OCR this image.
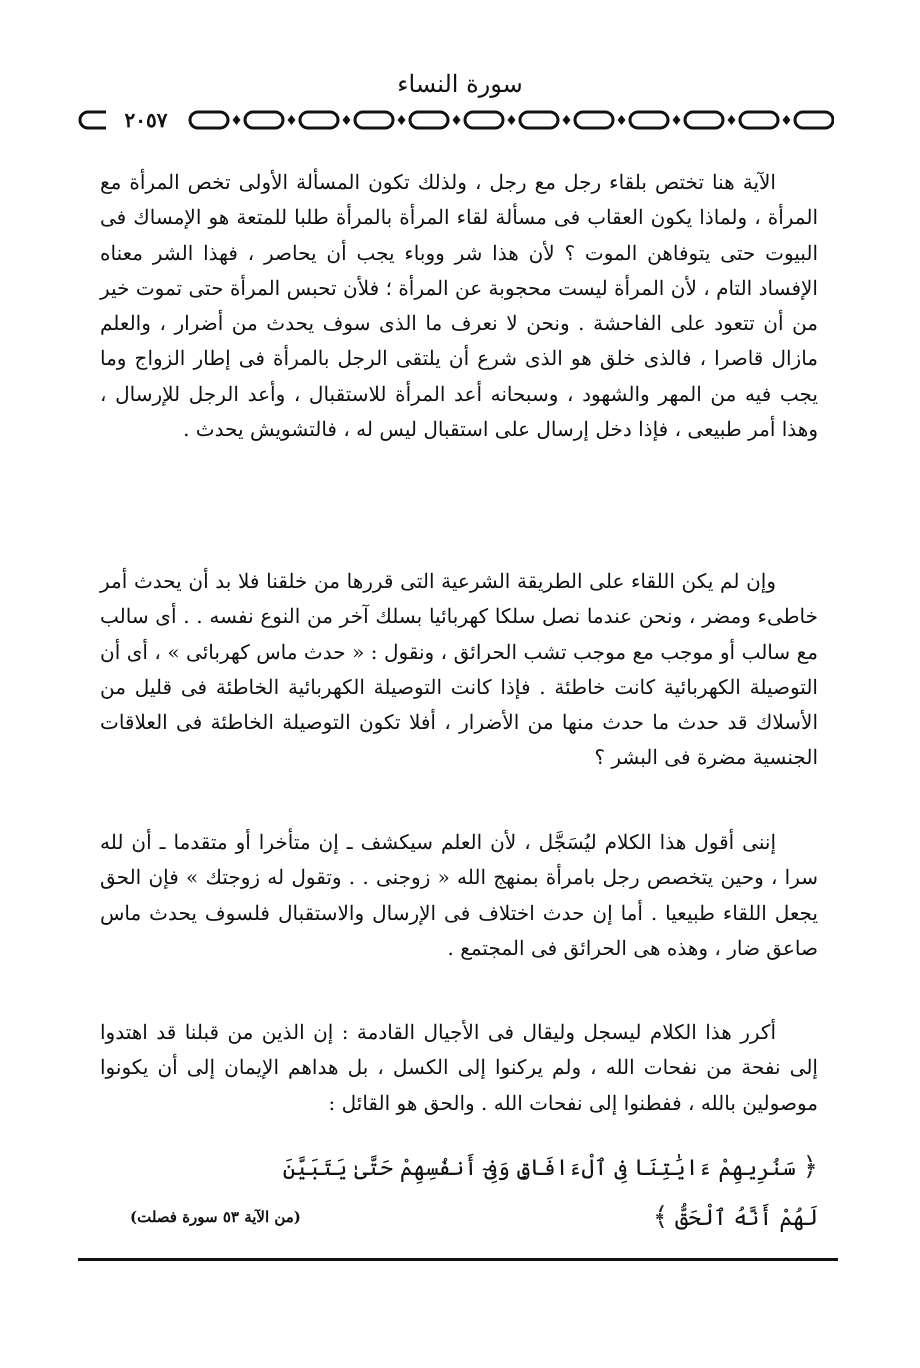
سورة النساء
٢٠٥٧

الآية هنا تختص بلقاء رجل مع رجل ، ولذلك تكون المسألة الأولى تخص المرأة مع المرأة ، ولماذا يكون العقاب فى مسألة لقاء المرأة بالمرأة طلبا للمتعة هو الإمساك فى البيوت حتى يتوفاهن الموت ؟ لأن هذا شر ووباء يجب أن يحاصر ، فهذا الشر معناه الإفساد التام ، لأن المرأة ليست محجوبة عن المرأة ؛ فلأن تحبس المرأة حتى تموت خير من أن تتعود على الفاحشة . ونحن لا نعرف ما الذى سوف يحدث من أضرار ، والعلم مازال قاصرا ، فالذى خلق هو الذى شرع أن يلتقى الرجل بالمرأة فى إطار الزواج وما يجب فيه من المهر والشهود ، وسبحانه أعد المرأة للاستقبال ، وأعد الرجل للإرسال ، وهذا أمر طبيعى ، فإذا دخل إرسال على استقبال ليس له ، فالتشويش يحدث .

وإن لم يكن اللقاء على الطريقة الشرعية التى قررها من خلقنا فلا بد أن يحدث أمر خاطىء ومضر ، ونحن عندما نصل سلكا كهربائيا بسلك آخر من النوع نفسه . . أى سالب مع سالب أو موجب مع موجب تشب الحرائق ، ونقول : « حدث ماس كهربائى » ، أى أن التوصيلة الكهربائية كانت خاطئة . فإذا كانت التوصيلة الكهربائية الخاطئة فى قليل من الأسلاك قد حدث ما حدث منها من الأضرار ، أفلا تكون التوصيلة الخاطئة فى العلاقات الجنسية مضرة فى البشر ؟

إننى أقول هذا الكلام ليُسَجَّل ، لأن العلم سيكشف ـ إن متأخرا أو متقدما ـ أن لله سرا ، وحين يتخصص رجل بامرأة بمنهج الله « زوجنى . . وتقول له زوجتك » فإن الحق يجعل اللقاء طبيعيا . أما إن حدث اختلاف فى الإرسال والاستقبال فلسوف يحدث ماس صاعق ضار ، وهذه هى الحرائق فى المجتمع .

أكرر هذا الكلام ليسجل وليقال فى الأجيال القادمة : إن الذين من قبلنا قد اهتدوا إلى نفحة من نفحات الله ، ولم يركنوا إلى الكسل ، بل هداهم الإيمان إلى أن يكونوا موصولين بالله ، ففطنوا إلى نفحات الله . والحق هو القائل :

﴿ سَنُرِيهِمْ ءَايَٰتِنَا فِى ٱلْءَافَاقِ وَفِىٓ أَنفُسِهِمْ حَتَّىٰ يَتَبَيَّنَ لَهُمْ أَنَّهُ ٱلْحَقُّ ﴾
(من الآية ٥٣ سورة فصلت)
